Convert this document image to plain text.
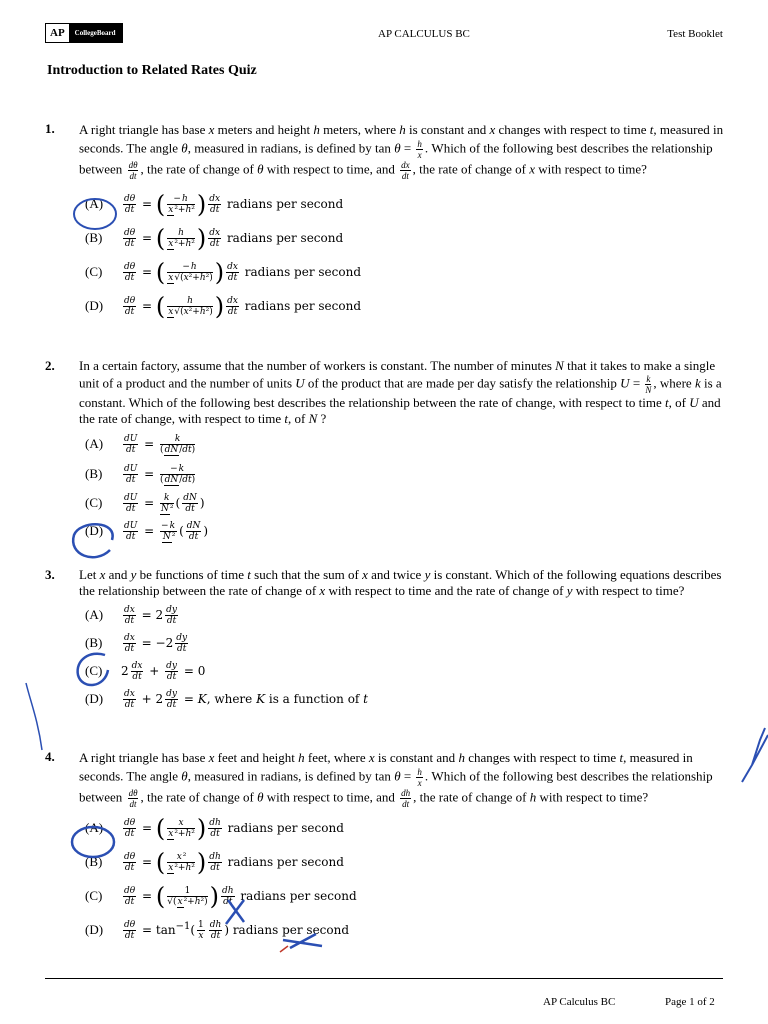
AP	CollegeBoard	AP CALCULUS BC	Test Booklet
Introduction to Related Rates Quiz
1. A right triangle has base x meters and height h meters, where h is constant and x changes with respect to time t, measured in seconds. The angle θ, measured in radians, is defined by $\tan \theta = \frac{h}{x}$ . Which of the following best describes the relationship between $\frac{d\theta}{dt}$ , the rate of change of θ with respect to time, and $\frac{dx}{dt}$ , the rate of change of x with respect to time?
(A)	$\frac{d\theta}{dt}$ = ( $\frac{-h}{\text{x²+h²}}$ ) $\frac{dx}{dt}$ radians per second
(B)	$\frac{d\theta}{dt}$ = ( $\frac{h}{\text{x²+h²}}$ ) $\frac{dx}{dt}$ radians per second
(C)	$\frac{d\theta}{dt}$ = ( $\frac{-h}{\text{x√(x²+h²)}}$ ) $\frac{dx}{dt}$ radians per second
(D)	$\frac{d\theta}{dt}$ = ( $\frac{h}{\text{x√(x²+h²)}}$ ) $\frac{dx}{dt}$ radians per second
2. In a certain factory, assume that the number of workers is constant. The number of minutes N that it takes to make a single unit of a product and the number of units U of the product that are made per day satisfy the relationship $U = \frac{k}{N}$ , where k is a constant. Which of the following best describes the relationship between the rate of change, with respect to time t, of U and the rate of change, with respect to time t, of N ?
(A)	$\frac{dU}{dt} = \frac{k}{(dN/dt)}$
(B)	$\frac{dU}{dt} = \frac{-k}{(dN/dt)}$
(C)	$\frac{dU}{dt} = \frac{k}{\text{N²}}$ ( $\frac{dN}{dt}$ )
(D)	$\frac{dU}{dt} = \frac{-k}{\text{N²}}$ ( $\frac{dN}{dt}$ )
3. Let x and y be functions of time t such that the sum of x and twice y is constant. Which of the following equations describes the relationship between the rate of change of x with respect to time and the rate of change of y with respect to time?
(A)	$\frac{dx}{dt} = 2 \frac{dy}{dt}$
(B)	$\frac{dx}{dt} = -2 \frac{dy}{dt}$
(C)	$2 \frac{dx}{dt} + \frac{dy}{dt} = 0$
(D)	$\frac{dx}{dt} + 2 \frac{dy}{dt} = K$, where K is a function of t
4. A right triangle has base x feet and height h feet, where x is constant and h changes with respect to time t, measured in seconds. The angle θ, measured in radians, is defined by $\tan \theta = \frac{h}{x}$ . Which of the following best describes the relationship between $\frac{d\theta}{dt}$ , the rate of change of θ with respect to time, and $\frac{dh}{dt}$ , the rate of change of h with respect to time?
(A)	$\frac{d\theta}{dt}$ = ( $\frac{x}{\text{x²+h²}}$ ) $\frac{dh}{dt}$ radians per second
(B)	$\frac{d\theta}{dt}$ = ( $\frac{\text{x²}}{\text{x²+h²}}$ ) $\frac{dh}{dt}$ radians per second
(C)	$\frac{d\theta}{dt}$ = ( $\frac{1}{\text{√(x²+h²)}}$ ) $\frac{dh}{dt}$ radians per second
(D)	$\frac{d\theta}{dt} = \tan^{-1}( \frac{1}{x} \frac{dh}{dt}$ ) radians per second
AP Calculus BC	Page 1 of 2
